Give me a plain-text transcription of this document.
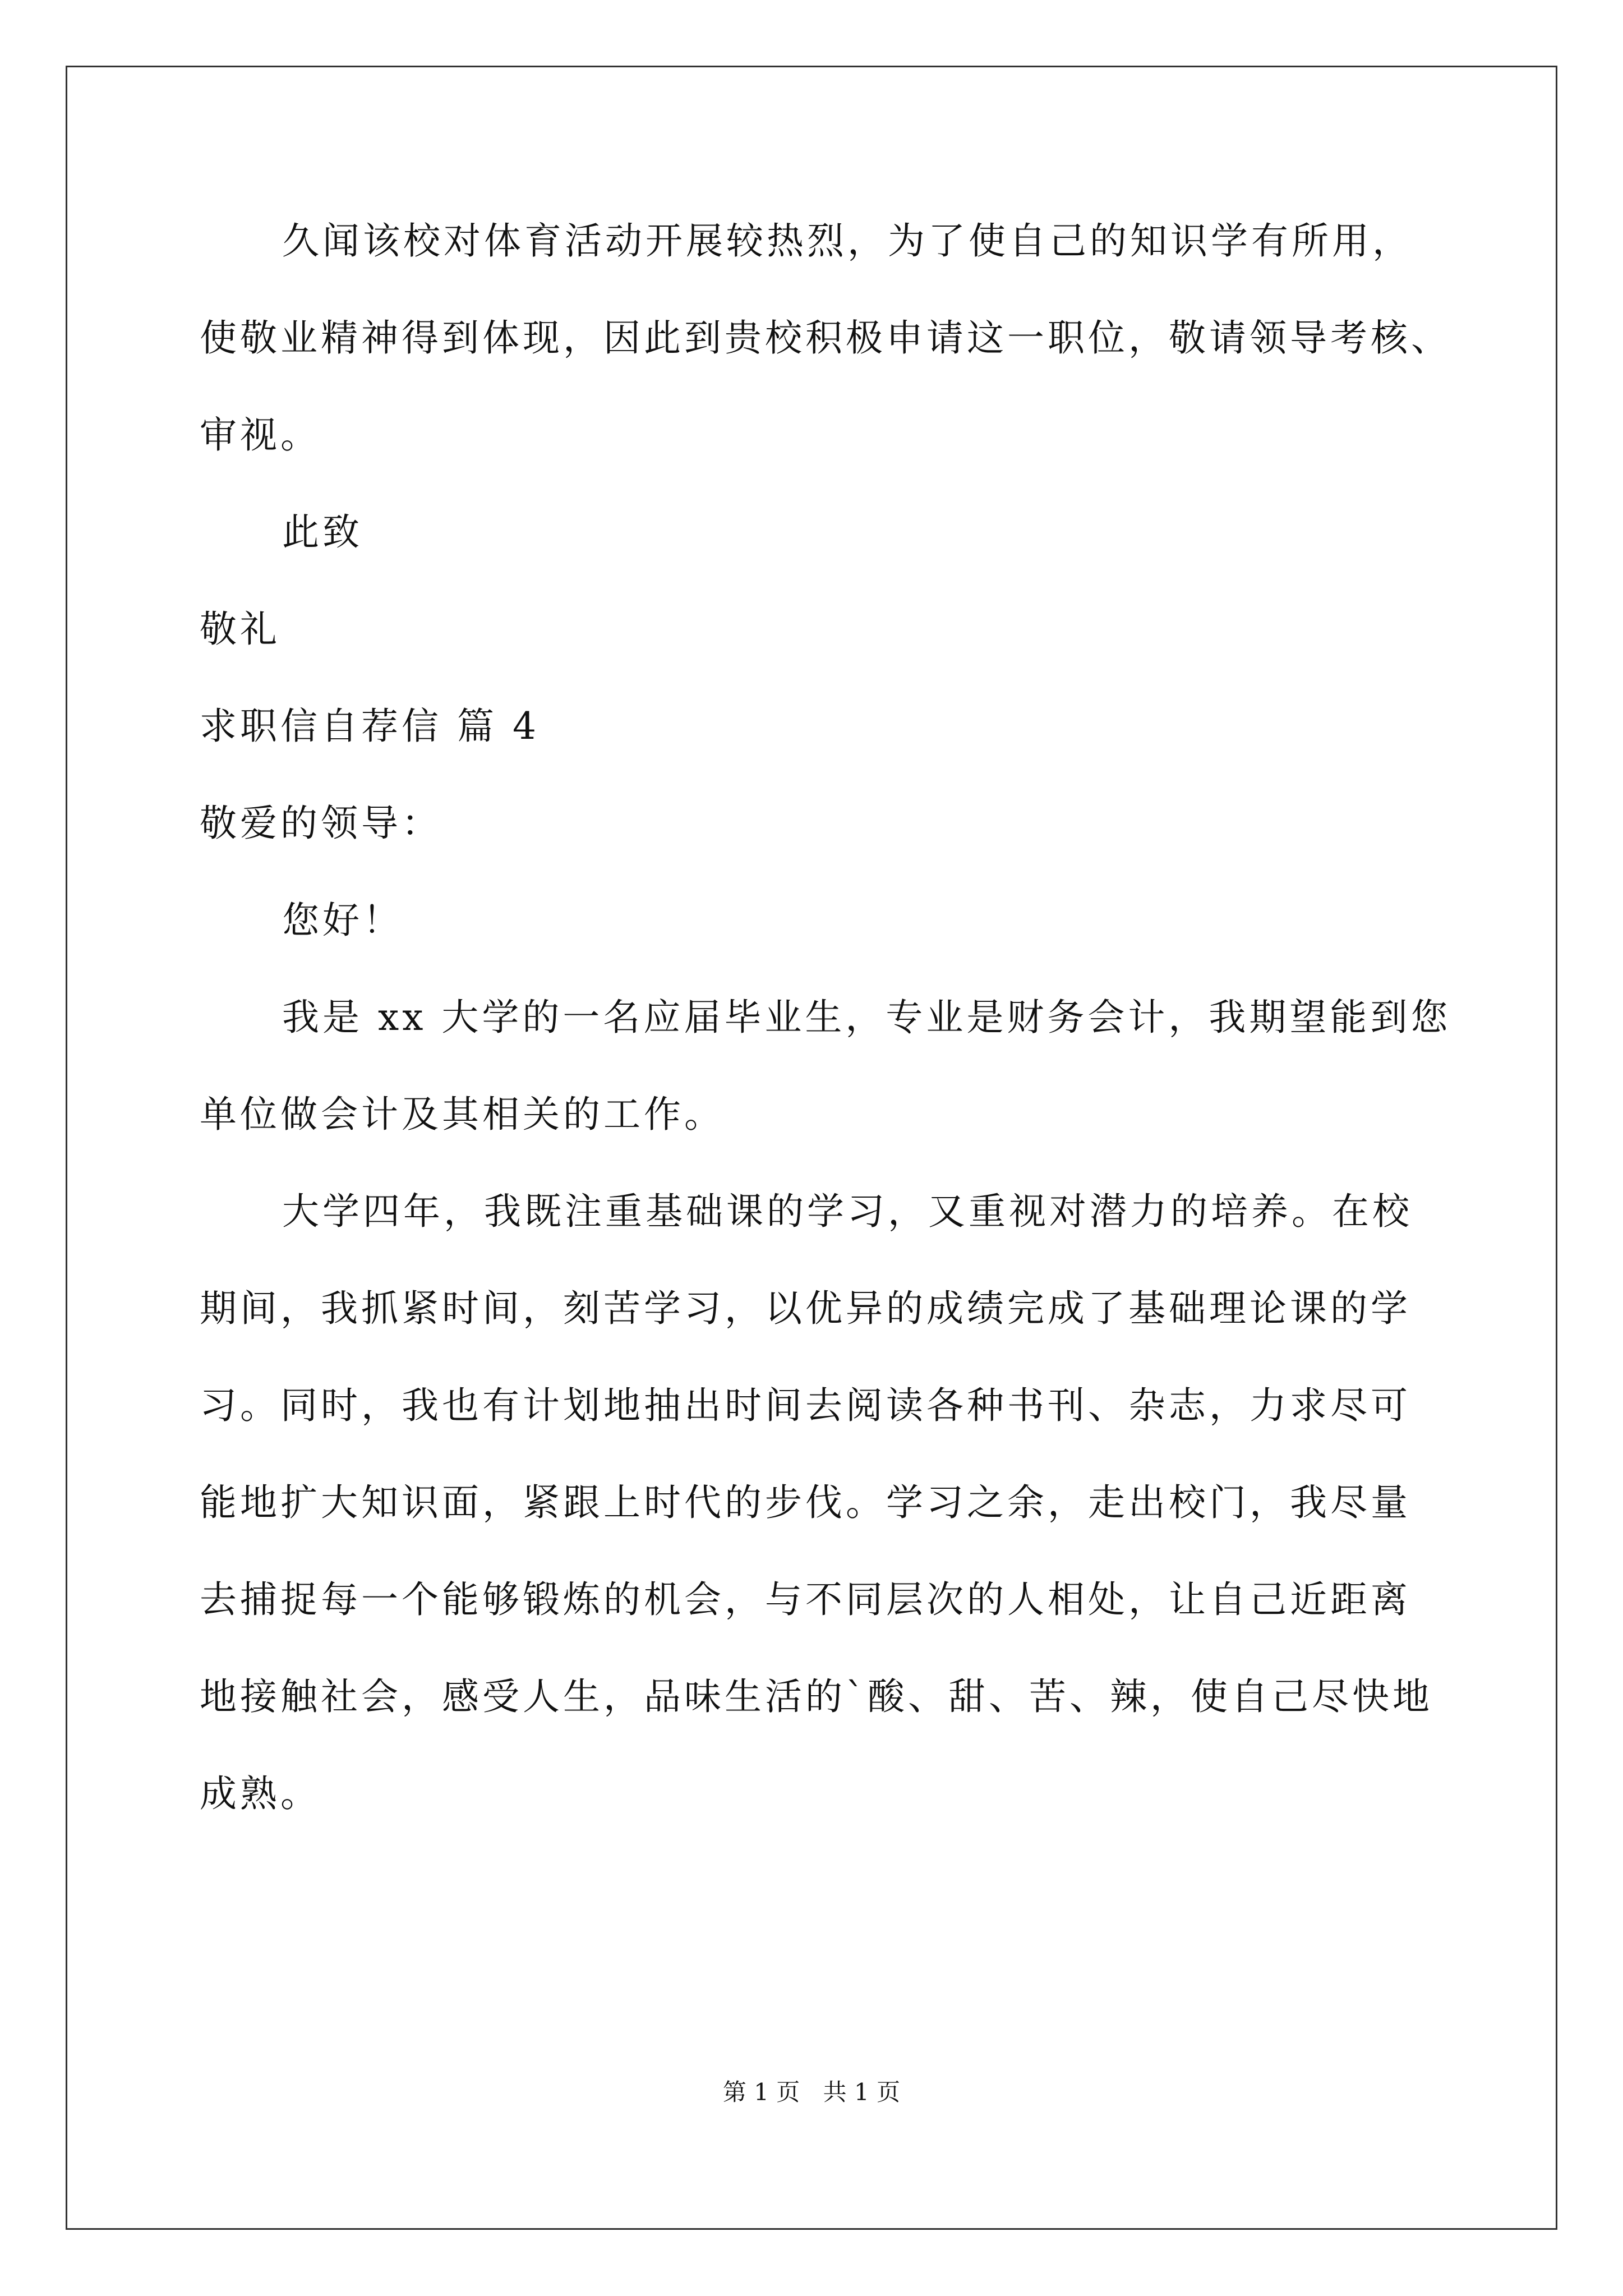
久闻该校对体育活动开展较热烈，为了使自己的知识学有所用，
使敬业精神得到体现，因此到贵校积极申请这一职位，敬请领导考核、
审视。
此致
敬礼
求职信自荐信 篇 4
敬爱的领导：
您好！
我是 xx 大学的一名应届毕业生，专业是财务会计，我期望能到您
单位做会计及其相关的工作。
大学四年，我既注重基础课的学习，又重视对潜力的培养。在校
期间，我抓紧时间，刻苦学习，以优异的成绩完成了基础理论课的学
习。同时，我也有计划地抽出时间去阅读各种书刊、杂志，力求尽可
能地扩大知识面，紧跟上时代的步伐。学习之余，走出校门，我尽量
去捕捉每一个能够锻炼的机会，与不同层次的人相处，让自己近距离
地接触社会，感受人生，品味生活的`酸、甜、苦、辣，使自己尽快地
成熟。
第 1 页 共 1 页
